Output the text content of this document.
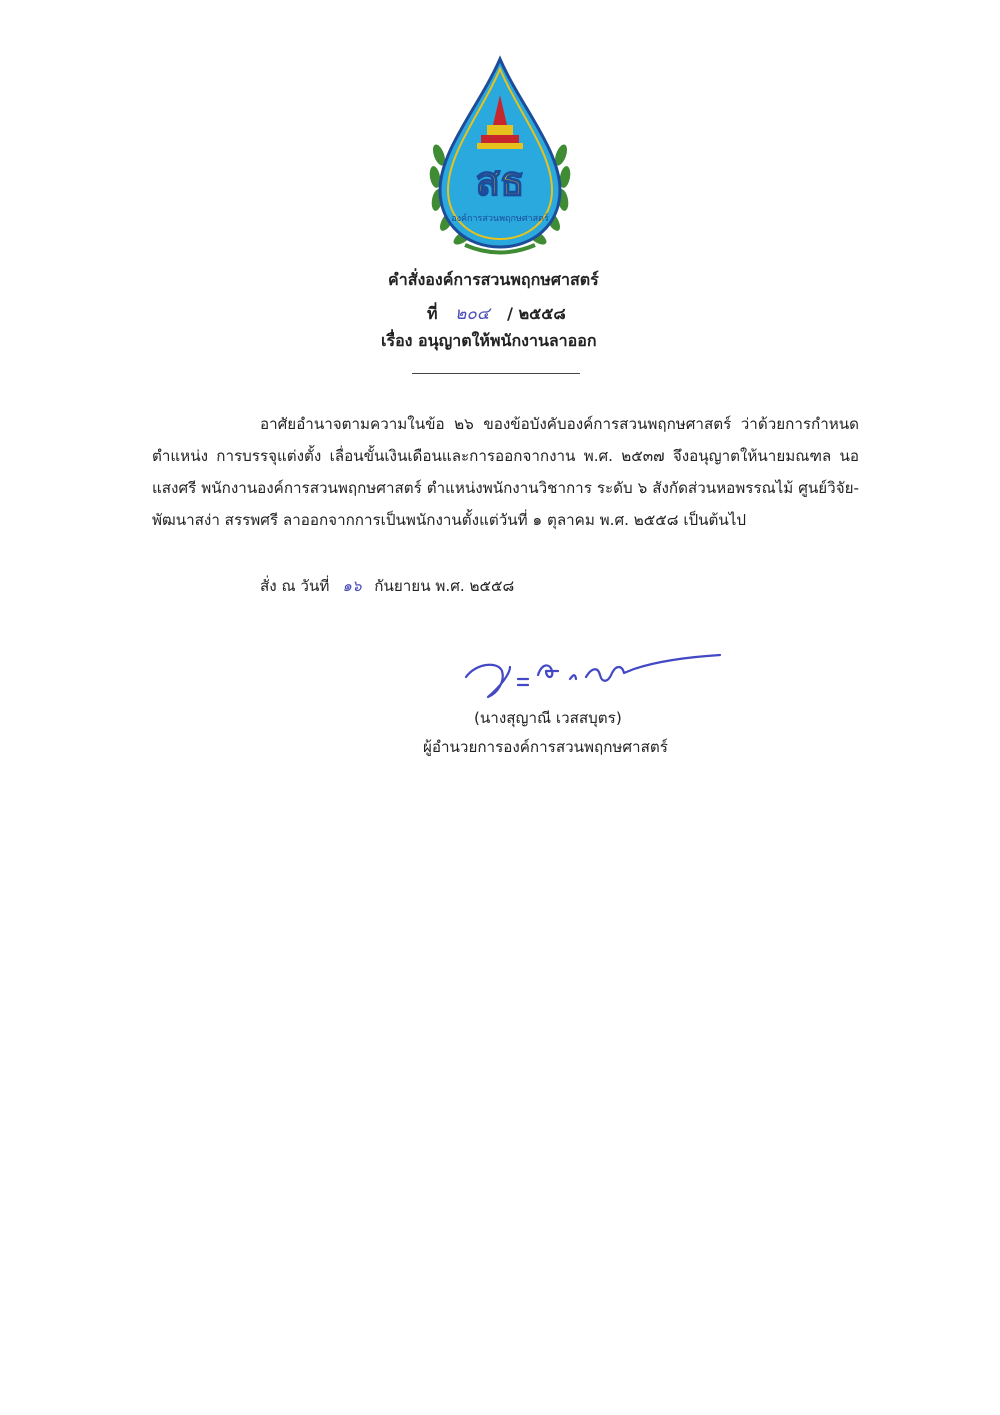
สธ
องค์การสวนพฤกษศาสตร์
คำสั่งองค์การสวนพฤกษศาสตร์
ที่ ๒๐๔ / ๒๕๕๘
เรื่อง อนุญาตให้พนักงานลาออก
อาศัยอำนาจตามความในข้อ ๒๖ ของข้อบังคับองค์การสวนพฤกษศาสตร์ ว่าด้วยการกำหนดตำแหน่ง การบรรจุแต่งตั้ง เลื่อนขั้นเงินเดือนและการออกจากงาน พ.ศ. ๒๕๓๗ จึงอนุญาตให้นายมณฑล นอแสงศรี พนักงานองค์การสวนพฤกษศาสตร์ ตำแหน่งพนักงานวิชาการ ระดับ ๖ สังกัดส่วนหอพรรณไม้ ศูนย์วิจัย-พัฒนาสง่า สรรพศรี ลาออกจากการเป็นพนักงานตั้งแต่วันที่ ๑ ตุลาคม พ.ศ. ๒๕๕๘ เป็นต้นไป
สั่ง ณ วันที่ ๑๖ กันยายน พ.ศ. ๒๕๕๘
(นางสุญาณี เวสสบุตร)
ผู้อำนวยการองค์การสวนพฤกษศาสตร์
